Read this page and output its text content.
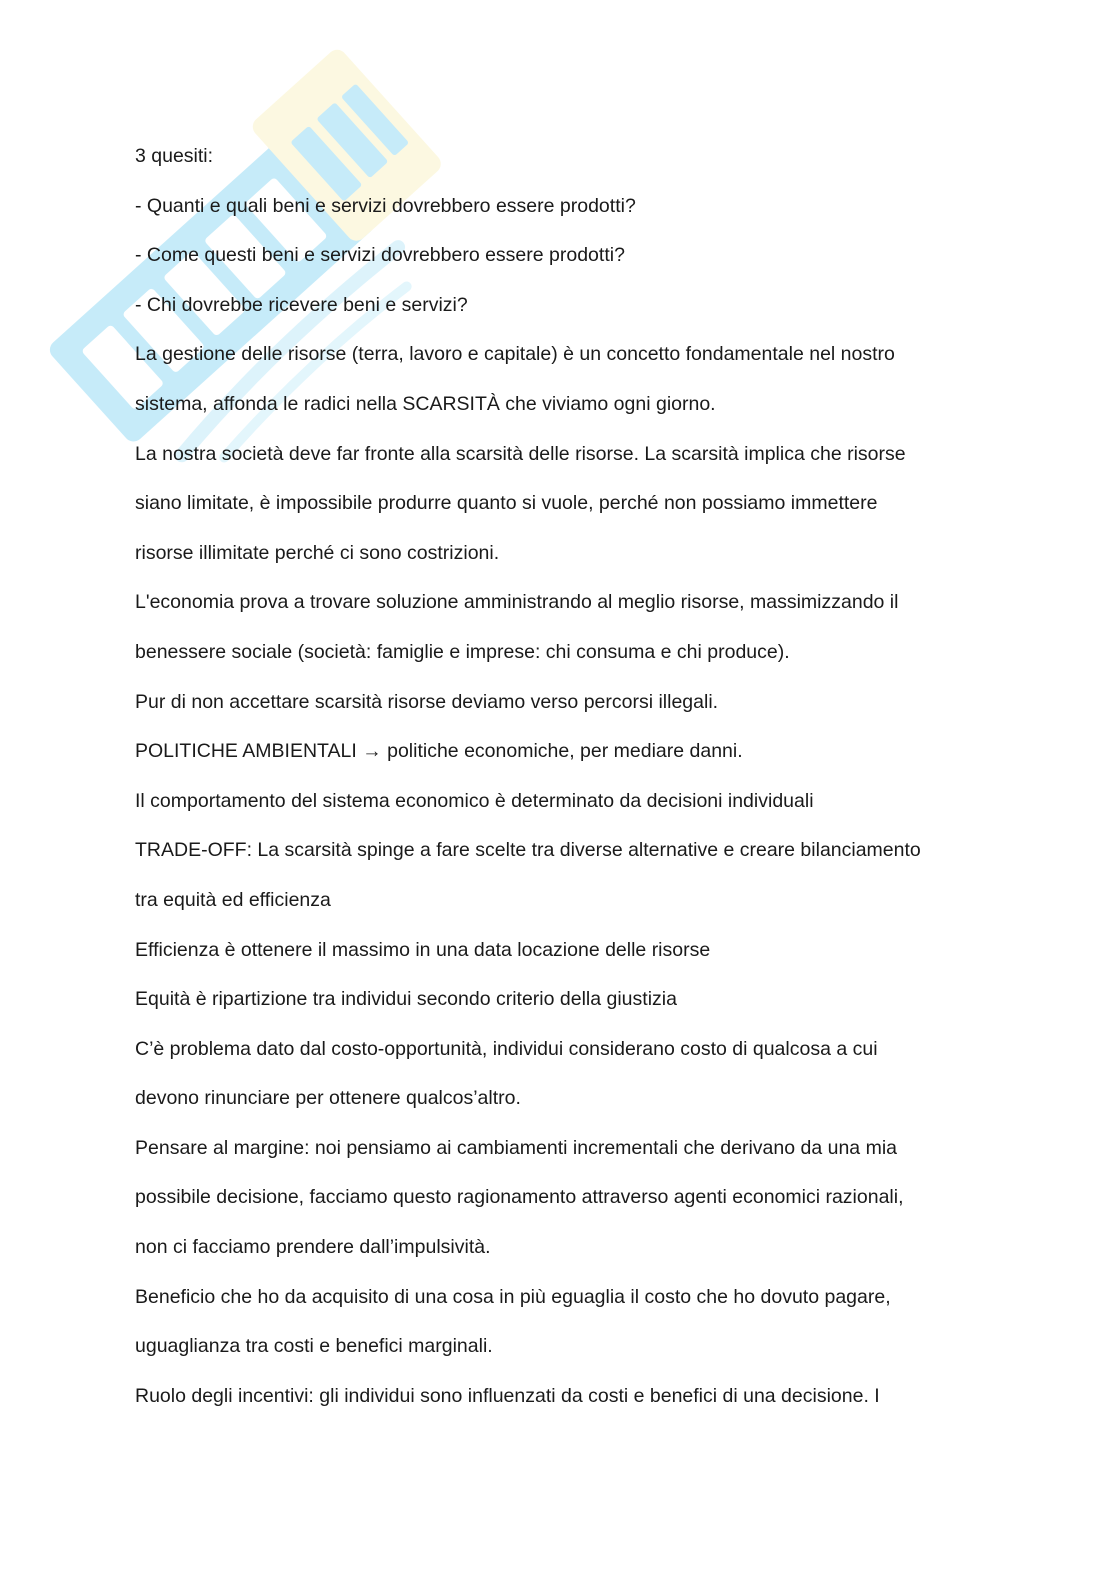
3 quesiti:
- Quanti e quali beni e servizi dovrebbero essere prodotti?
- Come questi beni e servizi dovrebbero essere prodotti?
- Chi dovrebbe ricevere beni e servizi?
La gestione delle risorse (terra, lavoro e capitale) è un concetto fondamentale nel nostro
sistema, affonda le radici nella SCARSITÀ che viviamo ogni giorno.
La nostra società deve far fronte alla scarsità delle risorse. La scarsità implica che risorse
siano limitate, è impossibile produrre quanto si vuole, perché non possiamo immettere
risorse illimitate perché ci sono costrizioni.
L'economia prova a trovare soluzione amministrando al meglio risorse, massimizzando il
benessere sociale (società: famiglie e imprese: chi consuma e chi produce).
Pur di non accettare scarsità risorse deviamo verso percorsi illegali.
POLITICHE AMBIENTALI → politiche economiche, per mediare danni.
Il comportamento del sistema economico è determinato da decisioni individuali
TRADE-OFF: La scarsità spinge a fare scelte tra diverse alternative e creare bilanciamento
tra equità ed efficienza
Efficienza è ottenere il massimo in una data locazione delle risorse
Equità è ripartizione tra individui secondo criterio della giustizia
C’è problema dato dal costo-opportunità, individui considerano costo di qualcosa a cui
devono rinunciare per ottenere qualcos’altro.
Pensare al margine: noi pensiamo ai cambiamenti incrementali che derivano da una mia
possibile decisione, facciamo questo ragionamento attraverso agenti economici razionali,
non ci facciamo prendere dall’impulsività.
Beneficio che ho da acquisito di una cosa in più eguaglia il costo che ho dovuto pagare,
uguaglianza tra costi e benefici marginali.
Ruolo degli incentivi: gli individui sono influenzati da costi e benefici di una decisione. I
